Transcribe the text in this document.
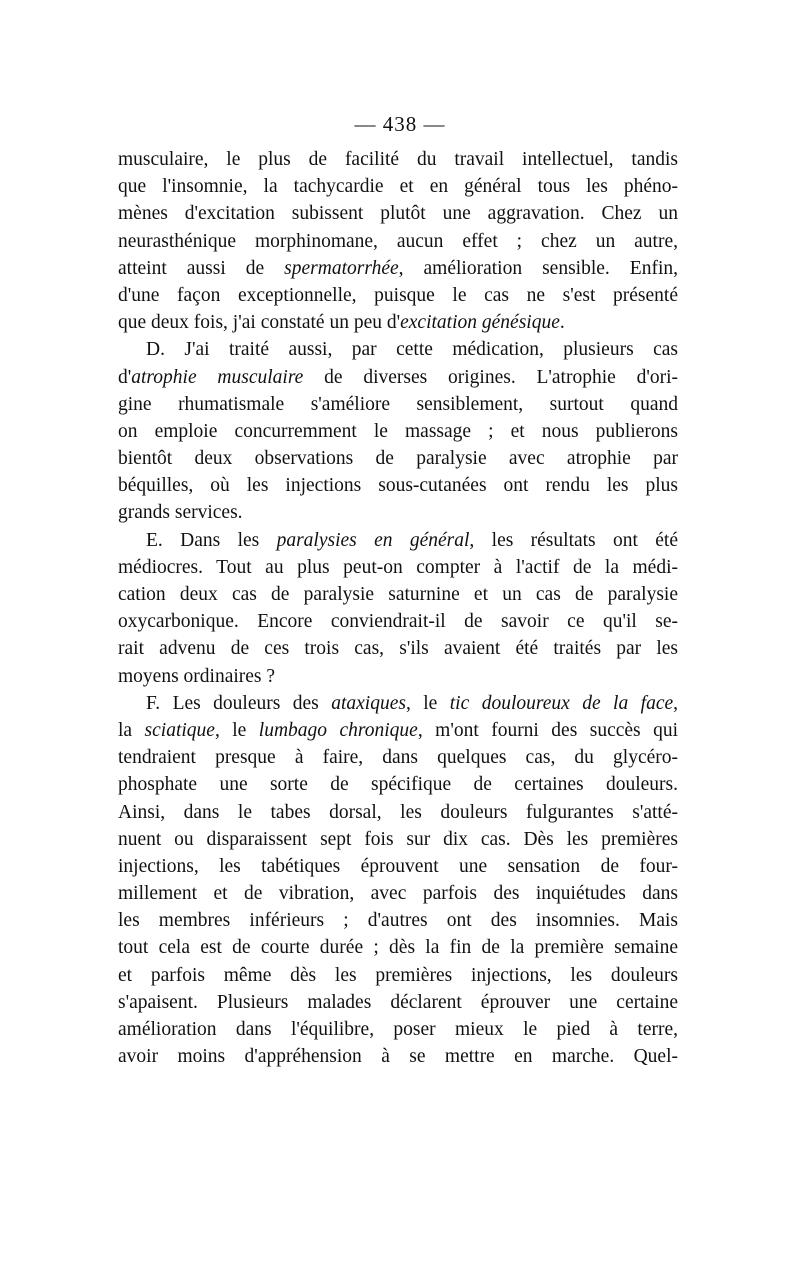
— 438 —
musculaire, le plus de facilité du travail intellectuel, tandis
que l'insomnie, la tachycardie et en général tous les phéno-
mènes d'excitation subissent plutôt une aggravation. Chez un
neurasthénique morphinomane, aucun effet ; chez un autre,
atteint aussi de spermatorrhée, amélioration sensible. Enfin,
d'une façon exceptionnelle, puisque le cas ne s'est présenté
que deux fois, j'ai constaté un peu d'excitation génésique.
D. J'ai traité aussi, par cette médication, plusieurs cas
d'atrophie musculaire de diverses origines. L'atrophie d'ori-
gine rhumatismale s'améliore sensiblement, surtout quand
on emploie concurremment le massage ; et nous publierons
bientôt deux observations de paralysie avec atrophie par
béquilles, où les injections sous-cutanées ont rendu les plus
grands services.
E. Dans les paralysies en général, les résultats ont été
médiocres. Tout au plus peut-on compter à l'actif de la médi-
cation deux cas de paralysie saturnine et un cas de paralysie
oxycarbonique. Encore conviendrait-il de savoir ce qu'il se-
rait advenu de ces trois cas, s'ils avaient été traités par les
moyens ordinaires ?
F. Les douleurs des ataxiques, le tic douloureux de la face,
la sciatique, le lumbago chronique, m'ont fourni des succès qui
tendraient presque à faire, dans quelques cas, du glycéro-
phosphate une sorte de spécifique de certaines douleurs.
Ainsi, dans le tabes dorsal, les douleurs fulgurantes s'atté-
nuent ou disparaissent sept fois sur dix cas. Dès les premières
injections, les tabétiques éprouvent une sensation de four-
millement et de vibration, avec parfois des inquiétudes dans
les membres inférieurs ; d'autres ont des insomnies. Mais
tout cela est de courte durée ; dès la fin de la première semaine
et parfois même dès les premières injections, les douleurs
s'apaisent. Plusieurs malades déclarent éprouver une certaine
amélioration dans l'équilibre, poser mieux le pied à terre,
avoir moins d'appréhension à se mettre en marche. Quel-
